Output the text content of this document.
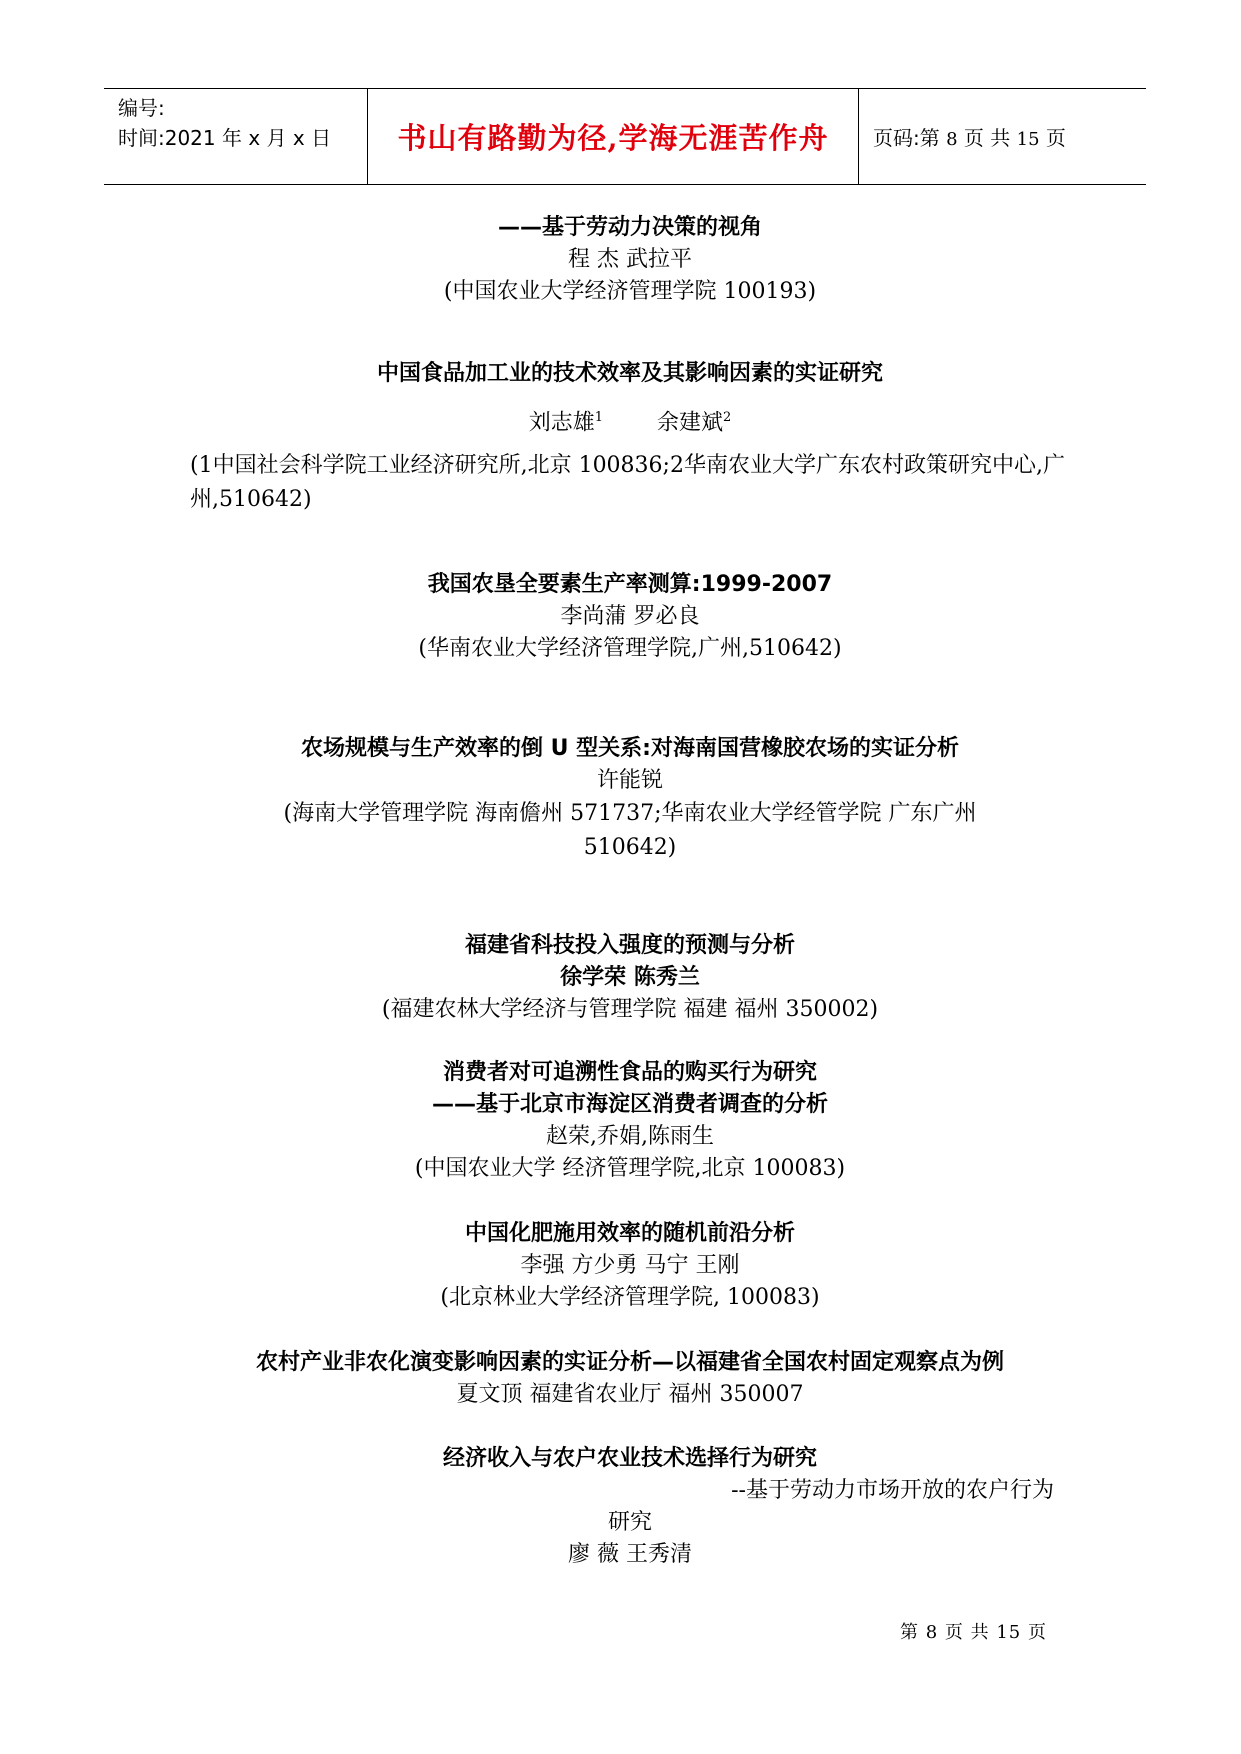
编号:
时间:2021 年 x 月 x 日	书山有路勤为径,学海无涯苦作舟 页码:第 8 页 共 15 页
——基于劳动力决策的视角
程 杰 武拉平
(中国农业大学经济管理学院 100193)
中国食品加工业的技术效率及其影响因素的实证研究
刘志雄$^1$ 余建斌$^2$
(1中国社会科学院工业经济研究所,北京 100836;2华南农业大学广东农村政策研究中心,广州,510642)
我国农垦全要素生产率测算:1999-2007
李尚蒲 罗必良
(华南农业大学经济管理学院,广州,510642)
农场规模与生产效率的倒 U 型关系:对海南国营橡胶农场的实证分析
许能锐
(海南大学管理学院 海南儋州 571737;华南农业大学经管学院 广东广州 510642)
福建省科技投入强度的预测与分析
徐学荣 陈秀兰
(福建农林大学经济与管理学院 福建 福州 350002)
消费者对可追溯性食品的购买行为研究
——基于北京市海淀区消费者调查的分析
赵荣,乔娟,陈雨生
(中国农业大学 经济管理学院,北京 100083)
中国化肥施用效率的随机前沿分析
李强 方少勇 马宁 王刚
(北京林业大学经济管理学院, 100083)
农村产业非农化演变影响因素的实证分析—以福建省全国农村固定观察点为例
夏文顶 福建省农业厅 福州 350007
经济收入与农户农业技术选择行为研究
--基于劳动力市场开放的农户行为
研究
廖 薇 王秀清
第 8 页 共 15 页
